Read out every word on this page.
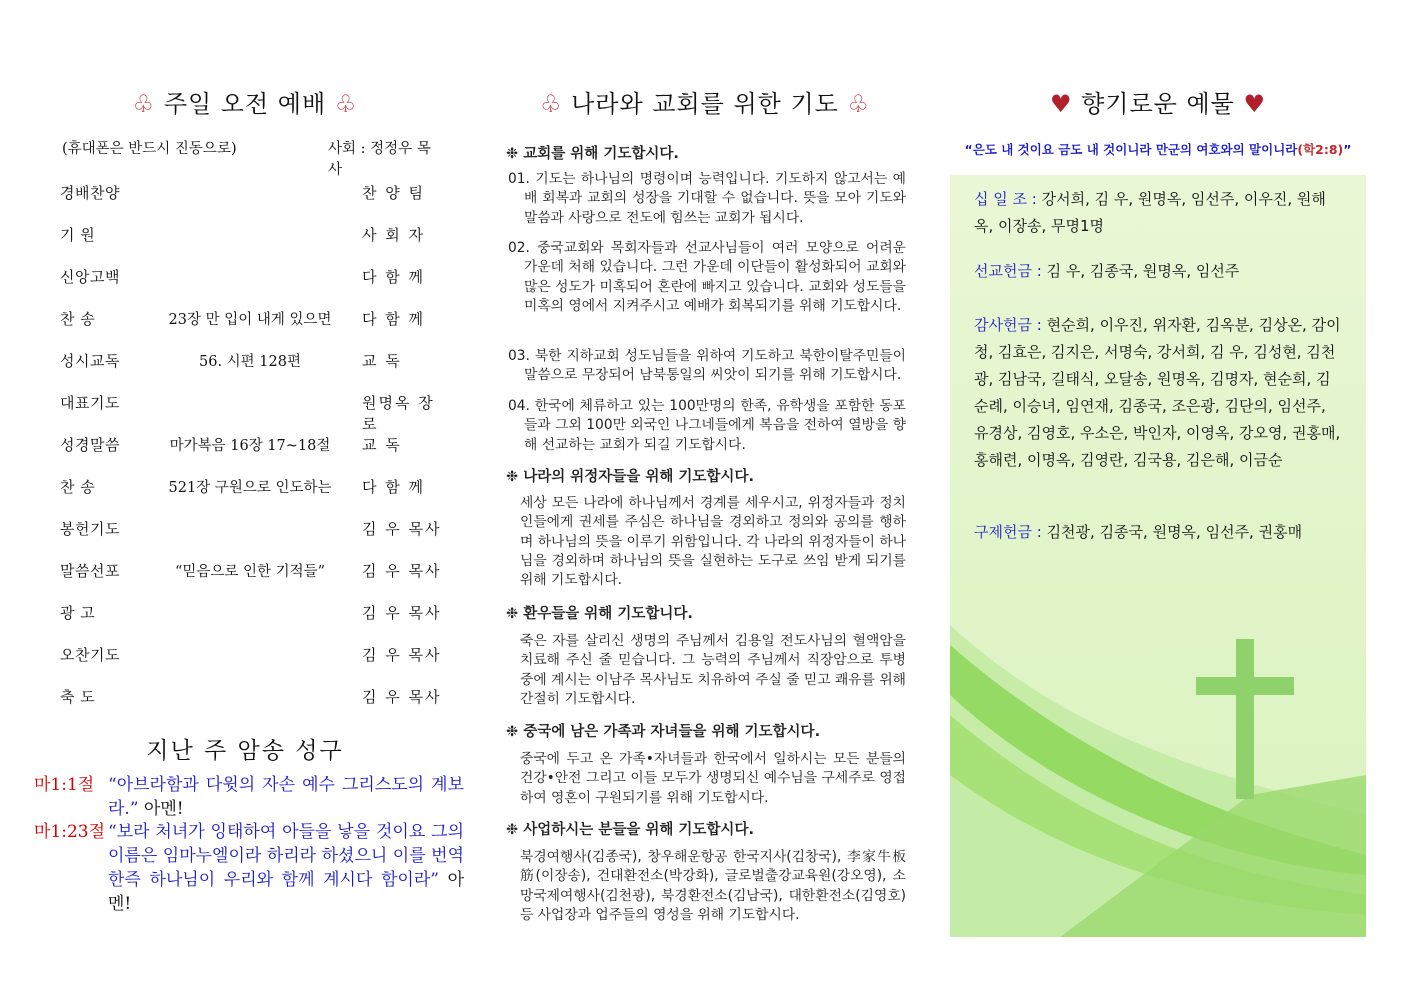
♧ 주일 오전 예배 ♧
(휴대폰은 반드시 진동으로)	사회 : 정정우 목사
경배찬양	찬 양 팀
기 원	사 회 자
신앙고백	다 함 께
찬 송	23장 만 입이 내게 있으면	다 함 께
성시교독	56. 시편 128편	교 독
대표기도	원명옥 장로
성경말씀	마가복음 16장 17~18절	교 독
찬 송	521장 구원으로 인도하는	다 함 께
봉헌기도	김 우 목사
말씀선포	“믿음으로 인한 기적들”	김 우 목사
광 고	김 우 목사
오찬기도	김 우 목사
축 도	김 우 목사
지난 주 암송 성구
마1:1절 “아브라함과 다윗의 자손 예수 그리스도의 계보라.” 아멘!
마1:23절 “보라 처녀가 잉태하여 아들을 낳을 것이요 그의 이름은 임마누엘이라 하리라 하셨으니 이를 번역한즉 하나님이 우리와 함께 계시다 함이라” 아멘!
♧ 나라와 교회를 위한 기도 ♧
❉ 교회를 위해 기도합시다.
01. 기도는 하나님의 명령이며 능력입니다. 기도하지 않고서는 예배 회복과 교회의 성장을 기대할 수 없습니다. 뜻을 모아 기도와 말씀과 사랑으로 전도에 힘쓰는 교회가 됩시다.
02. 중국교회와 목회자들과 선교사님들이 여러 모양으로 어려운 가운데 처해 있습니다. 그런 가운데 이단들이 활성화되어 교회와 많은 성도가 미혹되어 혼란에 빠지고 있습니다. 교회와 성도들을 미혹의 영에서 지켜주시고 예배가 회복되기를 위해 기도합시다.
03. 북한 지하교회 성도님들을 위하여 기도하고 북한이탈주민들이 말씀으로 무장되어 남북통일의 씨앗이 되기를 위해 기도합시다.
04. 한국에 체류하고 있는 100만명의 한족, 유학생을 포함한 동포들과 그외 100만 외국인 나그네들에게 복음을 전하여 열방을 향해 선교하는 교회가 되길 기도합시다.
❉ 나라의 위정자들을 위해 기도합시다.
세상 모든 나라에 하나님께서 경계를 세우시고, 위정자들과 정치인들에게 권세를 주심은 하나님을 경외하고 정의와 공의를 행하며 하나님의 뜻을 이루기 위함입니다. 각 나라의 위정자들이 하나님을 경외하며 하나님의 뜻을 실현하는 도구로 쓰임 받게 되기를 위해 기도합시다.
❉ 환우들을 위해 기도합니다.
죽은 자를 살리신 생명의 주님께서 김용일 전도사님의 혈액암을 치료해 주신 줄 믿습니다. 그 능력의 주님께서 직장암으로 투병 중에 계시는 이남주 목사님도 치유하여 주실 줄 믿고 쾌유를 위해 간절히 기도합시다.
❉ 중국에 남은 가족과 자녀들을 위해 기도합시다.
중국에 두고 온 가족•자녀들과 한국에서 일하시는 모든 분들의 건강•안전 그리고 이들 모두가 생명되신 예수님을 구세주로 영접하여 영혼이 구원되기를 위해 기도합시다.
❉ 사업하시는 분들을 위해 기도합시다.
북경여행사(김종국), 창우해운항공 한국지사(김창국), 李家牛板筋(이장송), 건대환전소(박강화), 글로벌출강교육원(강오영), 소망국제여행사(김천광), 북경환전소(김남국), 대한환전소(김영호)등 사업장과 업주들의 영성을 위해 기도합시다.
♥ 향기로운 예물 ♥
“은도 내 것이요 금도 내 것이니라 만군의 여호와의 말이니라(학2:8)”
십 일 조 : 강서희, 김 우, 원명옥, 임선주, 이우진, 원해옥, 이장송, 무명1명
선교헌금 : 김 우, 김종국, 원명옥, 임선주
감사헌금 : 현순희, 이우진, 위자환, 김옥분, 김상온, 감이청, 김효은, 김지은, 서명숙, 강서희, 김 우, 김성현, 김천광, 김남국, 길태식, 오달송, 원명옥, 김명자, 현순희, 김순례, 이승녀, 임연재, 김종국, 조은광, 김단의, 임선주, 유경상, 김영호, 우소은, 박인자, 이영옥, 강오영, 권홍매, 홍해련, 이명옥, 김영란, 김국용, 김은해, 이금순
구제헌금 : 김천광, 김종국, 원명옥, 임선주, 권홍매
